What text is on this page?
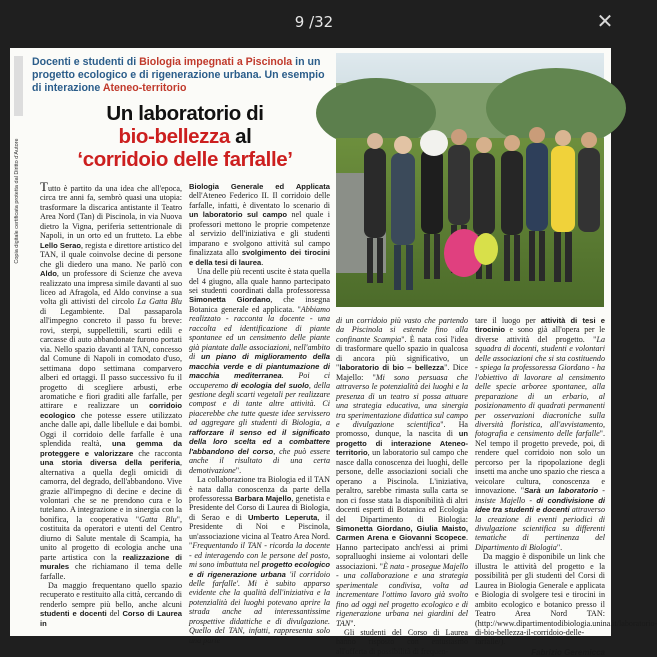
9 /32	✕
Copia digitale certificata protetta dal Diritto d'Autore
Docenti e studenti di Biologia impegnati a Piscinola in un progetto ecologico e di rigenerazione urbana. Un esempio di interazione Ateneo-territorio
Un laboratorio di
bio-bellezza al
‘corridoio delle farfalle’

Tutto è partito da una idea che all'epoca, circa tre anni fa, sembrò quasi una utopia: trasformare la discarica antistante il Teatro Area Nord (Tan) di Piscinola, in via Nuova dietro la Vigna, periferia settentrionale di Napoli, in un orto ed un frutteto. La ebbe Lello Serao, regista e direttore artistico del TAN, il quale coinvolse decine di persone che gli diedero una mano. Ne parlò con Aldo, un professore di Scienze che aveva realizzato una impresa simile davanti al suo liceo ad Afragola, ed Aldo convinse a sua volta gli attivisti del circolo La Gatta Blu di Legambiente. Dal passaparola all'impegno concreto il passo fu breve: rovi, sterpi, suppellettili, scarti edili e carcasse di auto abbandonate furono portati via. Nello spazio davanti al TAN, concesso dal Comune di Napoli in comodato d'uso, settimana dopo settimana comparvero alberi ed ortaggi. Il passo successivo fu il progetto di scegliere arbusti, erbe aromatiche e fiori graditi alle farfalle, per attirare e realizzare un corridoio ecologico che potesse essere utilizzato anche dalle api, dalle libellule e dai bombi. Oggi il corridoio delle farfalle è una splendida realtà, una gemma da proteggere e valorizzare che racconta una storia diversa della periferia, alternativa a quella degli omicidi di camorra, del degrado, dell'abbandono. Vive grazie all'impegno di decine e decine di volontari che se ne prendono cura e lo tutelano. A integrazione e in sinergia con la bonifica, la cooperativa "Gatta Blu", costituita da operatori e utenti del Centro diurno di Salute mentale di Scampia, ha unito al progetto di ecologia anche una parte artistica con la realizzazione di murales che richiamano il tema delle farfalle.

Da maggio frequentano quello spazio recuperato e restituito alla città, cercando di renderlo sempre più bello, anche alcuni studenti e docenti del Corso di Laurea in

Biologia Generale ed Applicata dell'Ateneo Federico II. Il corridoio delle farfalle, infatti, è diventato lo scenario di un laboratorio sul campo nel quale i professori mettono le proprie competenze al servizio dell'iniziativa e gli studenti imparano e svolgono attività sul campo finalizzata allo svolgimento dei tirocini e della tesi di laurea.

Una delle più recenti uscite è stata quella del 4 giugno, alla quale hanno partecipato sei studenti coordinati dalla professoressa Simonetta Giordano, che insegna Botanica generale ed applicata. "Abbiamo realizzato - racconta la docente - una raccolta ed identificazione di piante spontanee ed un censimento delle piante già piantate dalle associazioni, nell'ambito di un piano di miglioramento della macchia verde e di piantumazione di macchia mediterranea. Poi ci occuperemo di ecologia del suolo, della gestione degli scarti vegetali per realizzare compost e di tante altre attività. Ci piacerebbe che tutte queste idee servissero ad aggregare gli studenti di Biologia, a rafforzare il senso ed il significato della loro scelta ed a combattere l'abbandono del corso, che può essere anche il risultato di una certa demotivazione".

La collaborazione tra Biologia ed il TAN è nata dalla conoscenza da parte della professoressa Barbara Majello, genetista e Presidente del Corso di Laurea di Biologia, di Serao e di Umberto Leperuta, il Presidente di Noi e Piscinola, un'associazione vicina al Teatro Area Nord. "Frequentando il TAN - ricorda la docente - ed interagendo con le persone del posto, mi sono imbattuta nel progetto ecologico e di rigenerazione urbana 'il corridoio delle farfalle'. Mi è subito apparso evidente che la qualità dell'iniziativa e la potenzialità dei luoghi potevano aprire la strada anche ad interessantissime prospettive didattiche e di divulgazione. Quello del TAN, infatti, rappresenta solo una parte

di un corridoio più vasto che partendo da Piscinola si estende fino alla confinante Scampia". È nata così l'idea di trasformare quello spazio in qualcosa di ancora più significativo, un "laboratorio di bio – bellezza". Dice Majello: "Mi sono persuasa che attraverso le potenzialità dei luoghi e la presenza di un teatro si possa attuare una strategia educativa, una sinergia tra sperimentazione didattica sul campo e divulgazione scientifica". Ha promosso, dunque, la nascita di un progetto di interazione Ateneo-territorio, un laboratorio sul campo che nasce dalla conoscenza dei luoghi, delle persone, delle associazioni sociali che operano a Piscinola. L'iniziativa, peraltro, sarebbe rimasta sulla carta se non ci fosse stata la disponibilità di altri docenti esperti di Botanica ed Ecologia del Dipartimento di Biologia: Simonetta Giordano, Giulia Maisto, Carmen Arena e Giovanni Scopece. Hanno partecipato anch'essi ai primi sopralluoghi insieme ai volontari delle associazioni. "È nata - prosegue Majello - una collaborazione e una strategia sperimentale condivisa, volta ad incrementare l'ottimo lavoro già svolto fino ad oggi nel progetto ecologico e di rigenerazione urbana nei giardini del TAN".

Gli studenti del Corso di Laurea hanno risposto con entusiasmo all'offerta di possibilità di frequen-

tare il luogo per attività di tesi e tirocinio e sono già all'opera per le diverse attività del progetto. "La squadra di docenti, studenti e volontari delle associazioni che si sta costituendo - spiega la professoressa Giordano - ha l'obiettivo di lavorare al censimento delle specie arboree spontanee, alla preparazione di un erbario, al posizionamento di quadrati permanenti per osservazioni diacroniche sulla diversità floristica, all'avvistamento, fotografia e censimento delle farfalle". Nel tempo il progetto prevede, poi, di rendere quel corridoio non solo un percorso per la ripopolazione degli insetti ma anche uno spazio che riesca a veicolare cultura, conoscenza e innovazione. "Sarà un laboratorio - insiste Majello - di condivisione di idee tra studenti e docenti attraverso la creazione di eventi periodici di divulgazione scientifica su differenti tematiche di pertinenza del Dipartimento di Biologia".

Da maggio è disponibile un link che illustra le attività del progetto e la possibilità per gli studenti del Corsi di Laurea in Biologia Generale e applicata e Biologia di svolgere tesi e tirocini in ambito ecologico e botanico presso il Teatro Area Nord TAN: (http://www.dipartimentodibiologia.unina.it/laboratorio-di-bio-bellezza-il-corridoio-delle-farfalle/).

Fabrizio Geremicca
